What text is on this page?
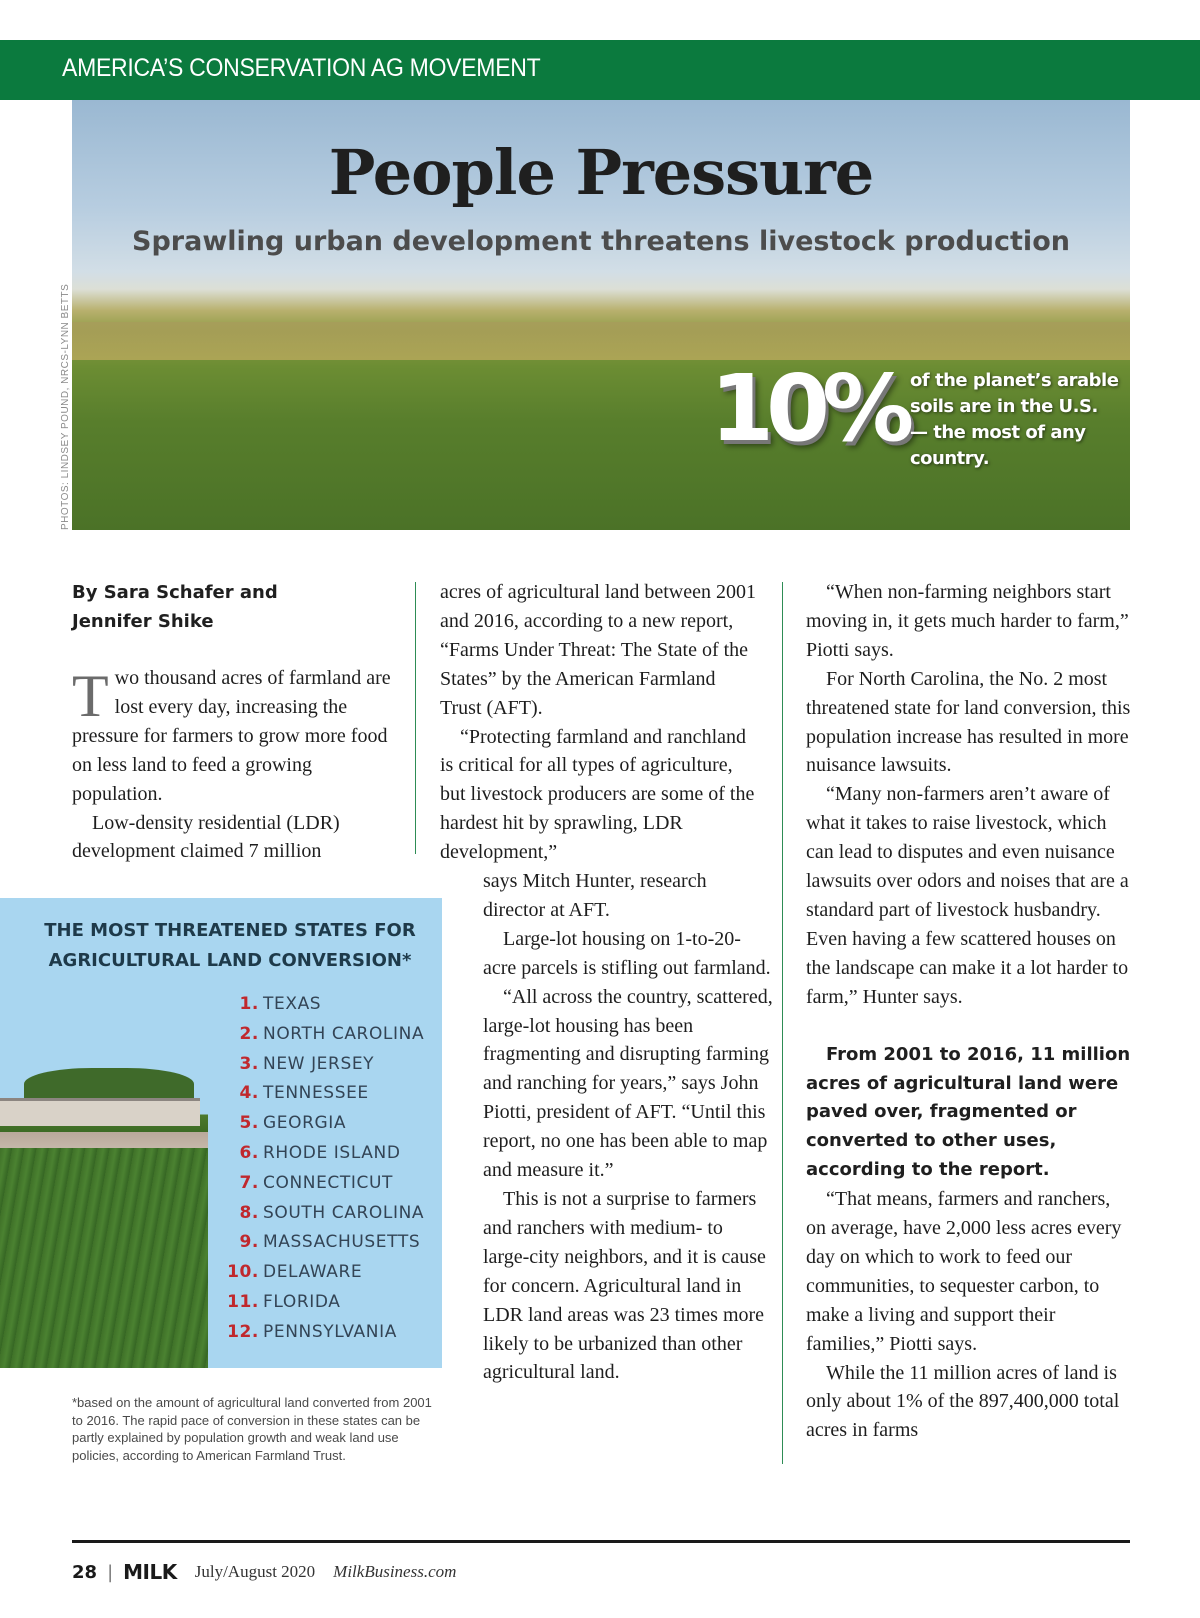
AMERICA’S CONSERVATION AG MOVEMENT
People Pressure
Sprawling urban development threatens livestock production
10% of the planet’s arable soils are in the U.S. — the most of any country.
PHOTOS: LINDSEY POUND, NRCS-LYNN BETTS
By Sara Schafer and
Jennifer Shike

Two thousand acres of farmland are lost every day, increasing the pressure for farmers to grow more food on less land to feed a growing population.

Low-density residential (LDR) development claimed 7 million

acres of agricultural land between 2001 and 2016, according to a new report, “Farms Under Threat: The State of the States” by the American Farmland Trust (AFT).

“Protecting farmland and ranchland is critical for all types of agriculture, but livestock producers are some of the hardest hit by sprawling, LDR development,”

says Mitch Hunter, research director at AFT.

Large-lot housing on 1-to-20-acre parcels is stifling out farmland.

“All across the country, scattered, large-lot housing has been fragmenting and disrupting farming and ranching for years,” says John Piotti, president of AFT. “Until this report, no one has been able to map and measure it.”

This is not a surprise to farmers and ranchers with medium- to large-city neighbors, and it is cause for concern. Agricultural land in LDR land areas was 23 times more likely to be urbanized than other agricultural land.

“When non-farming neighbors start moving in, it gets much harder to farm,” Piotti says.

For North Carolina, the No. 2 most threatened state for land conversion, this population increase has resulted in more nuisance lawsuits.

“Many non-farmers aren’t aware of what it takes to raise livestock, which can lead to disputes and even nuisance lawsuits over odors and noises that are a standard part of livestock husbandry. Even having a few scattered houses on the landscape can make it a lot harder to farm,” Hunter says.

From 2001 to 2016, 11 million acres of agricultural land were paved over, fragmented or converted to other uses, according to the report.

“That means, farmers and ranchers, on average, have 2,000 less acres every day on which to work to feed our communities, to sequester carbon, to make a living and support their families,” Piotti says.

While the 11 million acres of land is only about 1% of the 897,400,000 total acres in farms

THE MOST THREATENED STATES FOR AGRICULTURAL LAND CONVERSION*
1. TEXAS
2. NORTH CAROLINA
3. NEW JERSEY
4. TENNESSEE
5. GEORGIA
6. RHODE ISLAND
7. CONNECTICUT
8. SOUTH CAROLINA
9. MASSACHUSETTS
10. DELAWARE
11. FLORIDA
12. PENNSYLVANIA
*based on the amount of agricultural land converted from 2001 to 2016. The rapid pace of conversion in these states can be partly explained by population growth and weak land use policies, according to American Farmland Trust.
28 | MILK July/August 2020 MilkBusiness.com
